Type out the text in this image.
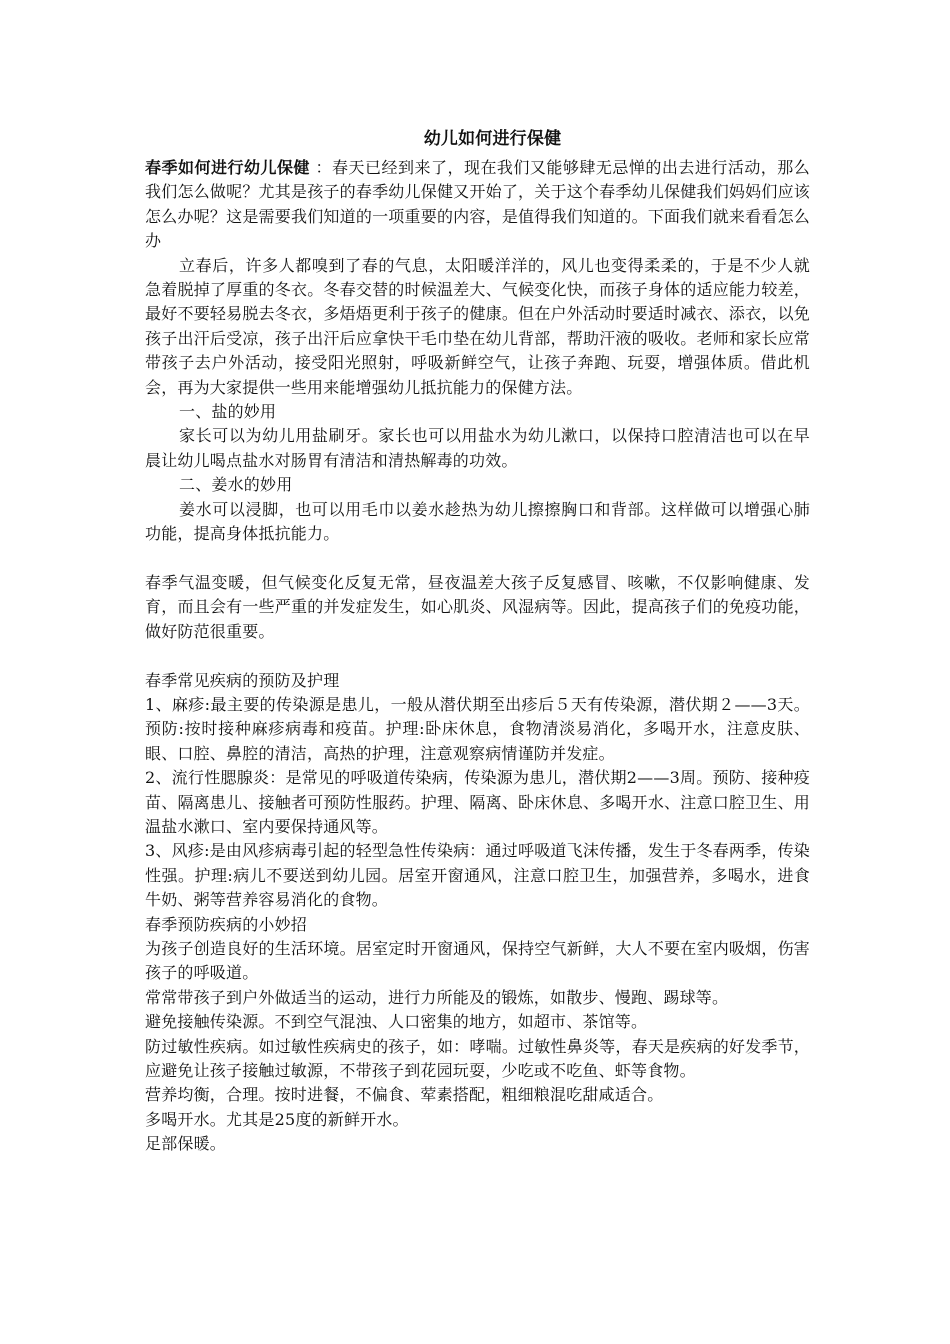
幼儿如何进行保健

春季如何进行幼儿保健 ：春天已经到来了，现在我们又能够肆无忌惮的出去进行活动，那么我们怎么做呢？尤其是孩子的春季幼儿保健又开始了，关于这个春季幼儿保健我们妈妈们应该怎么办呢？这是需要我们知道的一项重要的内容，是值得我们知道的。下面我们就来看看怎么办

立春后，许多人都嗅到了春的气息，太阳暖洋洋的，风儿也变得柔柔的，于是不少人就急着脱掉了厚重的冬衣。冬春交替的时候温差大、气候变化快，而孩子身体的适应能力较差，最好不要轻易脱去冬衣，多焐焐更利于孩子的健康。但在户外活动时要适时减衣、添衣，以免孩子出汗后受凉，孩子出汗后应拿快干毛巾垫在幼儿背部，帮助汗液的吸收。老师和家长应常带孩子去户外活动，接受阳光照射，呼吸新鲜空气，让孩子奔跑、玩耍，增强体质。借此机会，再为大家提供一些用来能增强幼儿抵抗能力的保健方法。

一、盐的妙用

家长可以为幼儿用盐刷牙。家长也可以用盐水为幼儿漱口，以保持口腔清洁也可以在早晨让幼儿喝点盐水对肠胃有清洁和清热解毒的功效。

二、姜水的妙用

姜水可以浸脚，也可以用毛巾以姜水趁热为幼儿擦擦胸口和背部。这样做可以增强心肺功能，提高身体抵抗能力。

春季气温变暖，但气候变化反复无常，昼夜温差大孩子反复感冒、咳嗽，不仅影响健康、发育，而且会有一些严重的并发症发生，如心肌炎、风湿病等。因此，提高孩子们的免疫功能，做好防范很重要。

春季常见疾病的预防及护理

1、麻疹:最主要的传染源是患儿，一般从潜伏期至出疹后５天有传染源，潜伏期２——3天。预防:按时接种麻疹病毒和疫苗。护理:卧床休息，食物清淡易消化，多喝开水，注意皮肤、眼、口腔、鼻腔的清洁，高热的护理，注意观察病情谨防并发症。

2、流行性腮腺炎：是常见的呼吸道传染病，传染源为患儿，潜伏期2——3周。预防、接种疫苗、隔离患儿、接触者可预防性服药。护理、隔离、卧床休息、多喝开水、注意口腔卫生、用温盐水漱口、室内要保持通风等。

3、风疹:是由风疹病毒引起的轻型急性传染病：通过呼吸道飞沫传播，发生于冬春两季，传染性强。护理:病儿不要送到幼儿园。居室开窗通风，注意口腔卫生，加强营养，多喝水，进食牛奶、粥等营养容易消化的食物。

春季预防疾病的小妙招

为孩子创造良好的生活环境。居室定时开窗通风，保持空气新鲜，大人不要在室内吸烟，伤害孩子的呼吸道。

常常带孩子到户外做适当的运动，进行力所能及的锻炼，如散步、慢跑、踢球等。

避免接触传染源。不到空气混浊、人口密集的地方，如超市、茶馆等。

防过敏性疾病。如过敏性疾病史的孩子，如：哮喘。过敏性鼻炎等，春天是疾病的好发季节，应避免让孩子接触过敏源，不带孩子到花园玩耍，少吃或不吃鱼、虾等食物。

营养均衡，合理。按时进餐，不偏食、荤素搭配，粗细粮混吃甜咸适合。

多喝开水。尤其是25度的新鲜开水。

足部保暖。
